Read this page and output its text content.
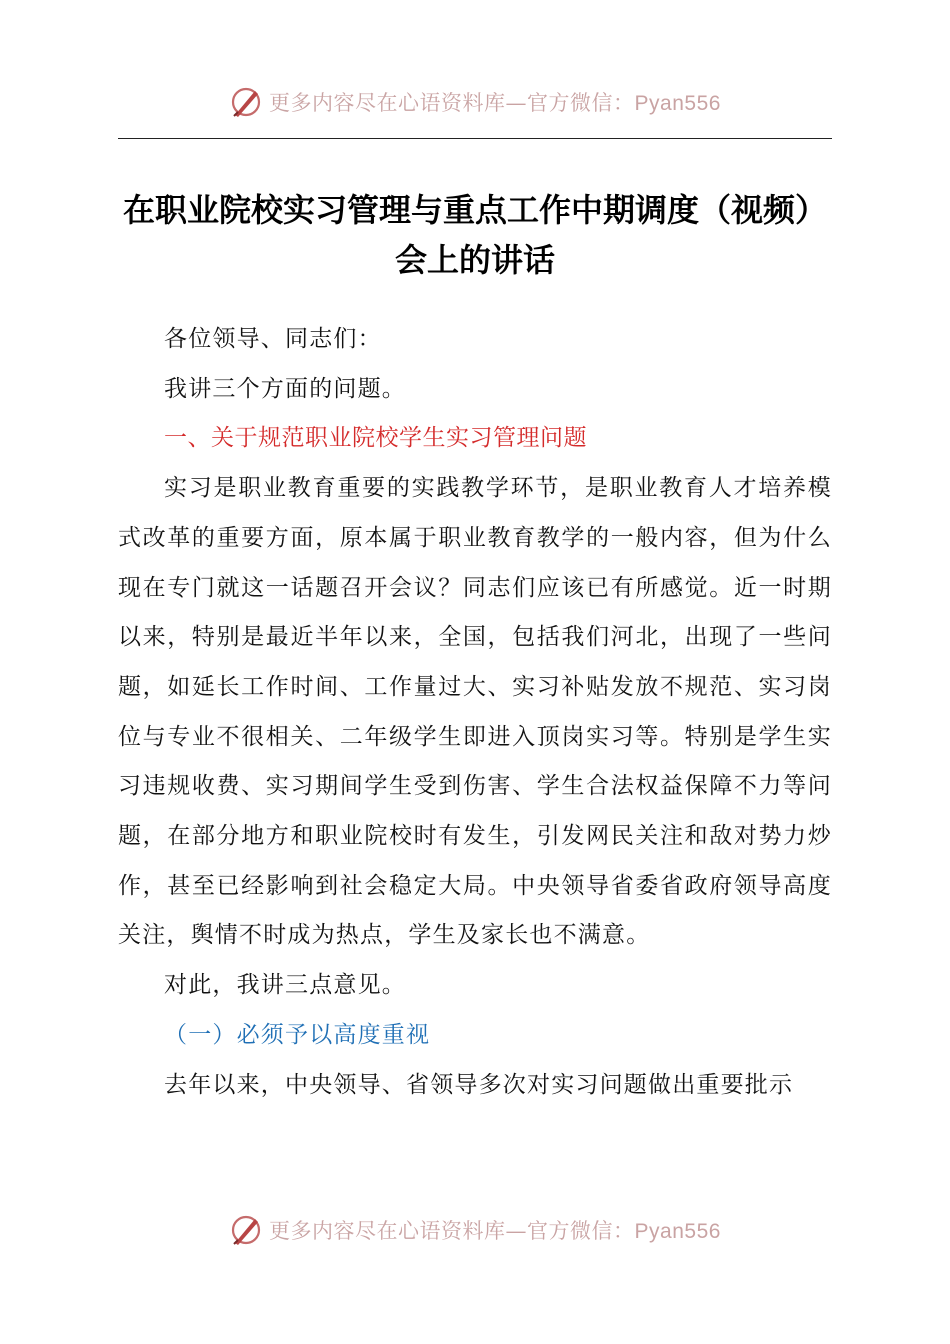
更多内容尽在心语资料库—官方微信：Pyan556
在职业院校实习管理与重点工作中期调度（视频）会上的讲话

各位领导、同志们：

我讲三个方面的问题。

一、关于规范职业院校学生实习管理问题

实习是职业教育重要的实践教学环节，是职业教育人才培养模式改革的重要方面，原本属于职业教育教学的一般内容，但为什么现在专门就这一话题召开会议？同志们应该已有所感觉。近一时期以来，特别是最近半年以来，全国，包括我们河北，出现了一些问题，如延长工作时间、工作量过大、实习补贴发放不规范、实习岗位与专业不很相关、二年级学生即进入顶岗实习等。特别是学生实习违规收费、实习期间学生受到伤害、学生合法权益保障不力等问题，在部分地方和职业院校时有发生，引发网民关注和敌对势力炒作，甚至已经影响到社会稳定大局。中央领导省委省政府领导高度关注，舆情不时成为热点，学生及家长也不满意。

对此，我讲三点意见。

（一）必须予以高度重视

去年以来，中央领导、省领导多次对实习问题做出重要批示

更多内容尽在心语资料库—官方微信：Pyan556
